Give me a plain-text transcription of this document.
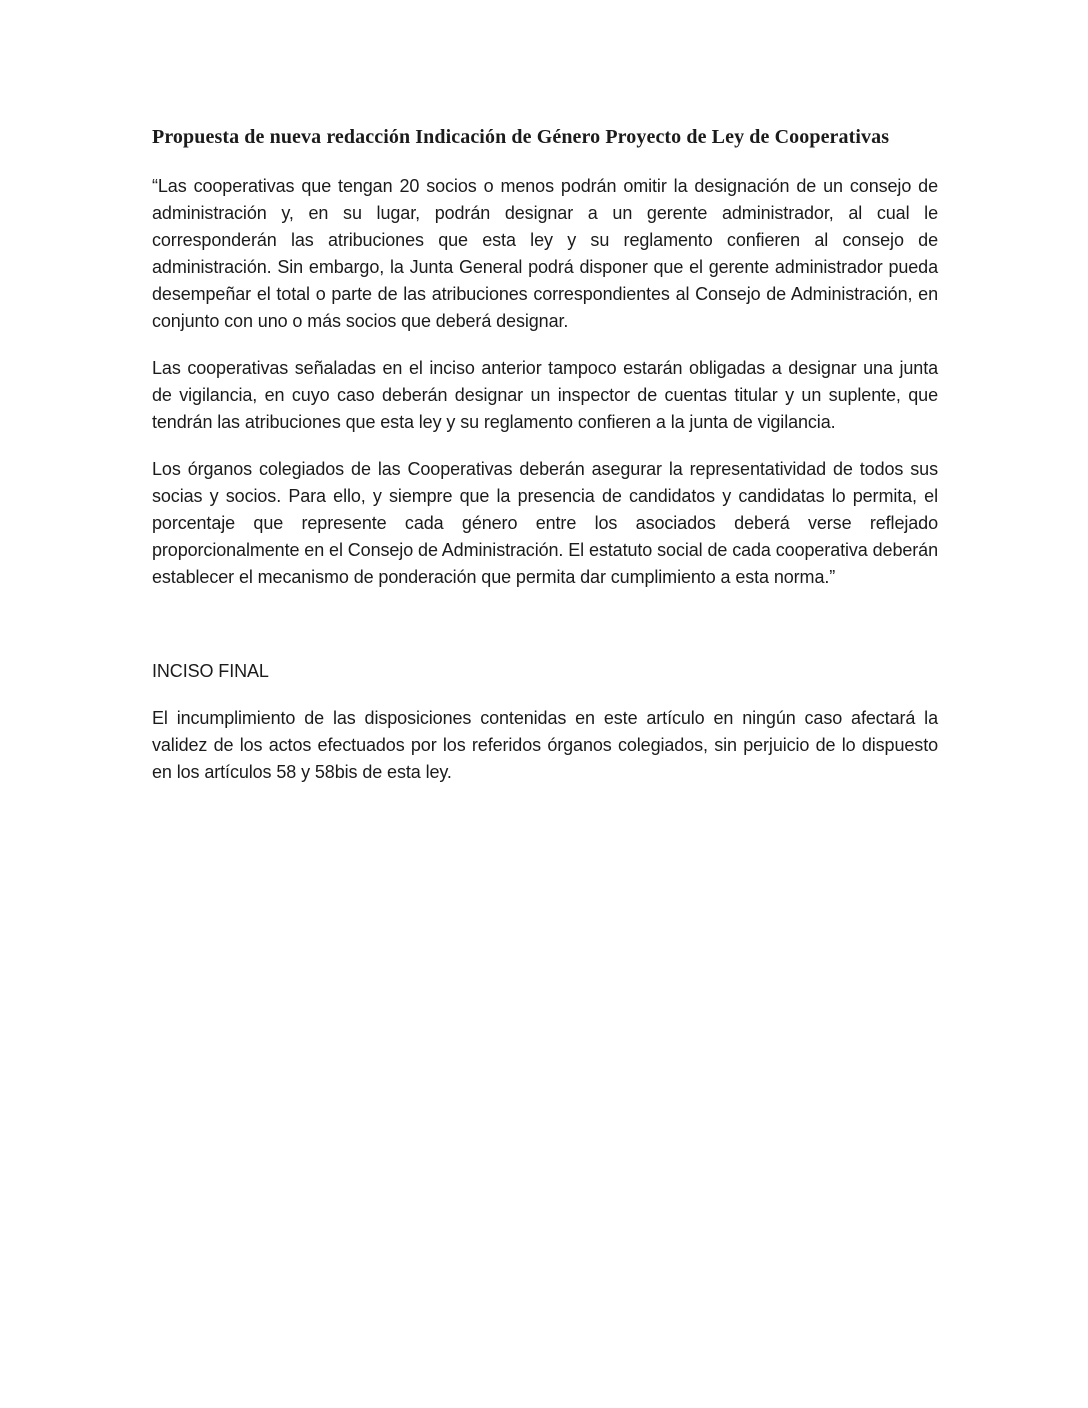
Propuesta de nueva redacción Indicación de Género Proyecto de Ley de Cooperativas

“Las cooperativas que tengan 20 socios o menos podrán omitir la designación de un consejo de administración y, en su lugar, podrán designar a un gerente administrador, al cual le corresponderán las atribuciones que esta ley y su reglamento confieren al consejo de administración. Sin embargo, la Junta General podrá disponer que el gerente administrador pueda desempeñar el total o parte de las atribuciones correspondientes al Consejo de Administración, en conjunto con uno o más socios que deberá designar.

Las cooperativas señaladas en el inciso anterior tampoco estarán obligadas a designar una junta de vigilancia, en cuyo caso deberán designar un inspector de cuentas titular y un suplente, que tendrán las atribuciones que esta ley y su reglamento confieren a la junta de vigilancia.

Los órganos colegiados de las Cooperativas deberán asegurar la representatividad de todos sus socias y socios. Para ello, y siempre que la presencia de candidatos y candidatas lo permita, el porcentaje que represente cada género entre los asociados deberá verse reflejado proporcionalmente en el Consejo de Administración. El estatuto social de cada cooperativa deberán establecer el mecanismo de ponderación que permita dar cumplimiento a esta norma.”

INCISO FINAL

El incumplimiento de las disposiciones contenidas en este artículo en ningún caso afectará la validez de los actos efectuados por los referidos órganos colegiados, sin perjuicio de lo dispuesto en los artículos 58 y 58bis de esta ley.
